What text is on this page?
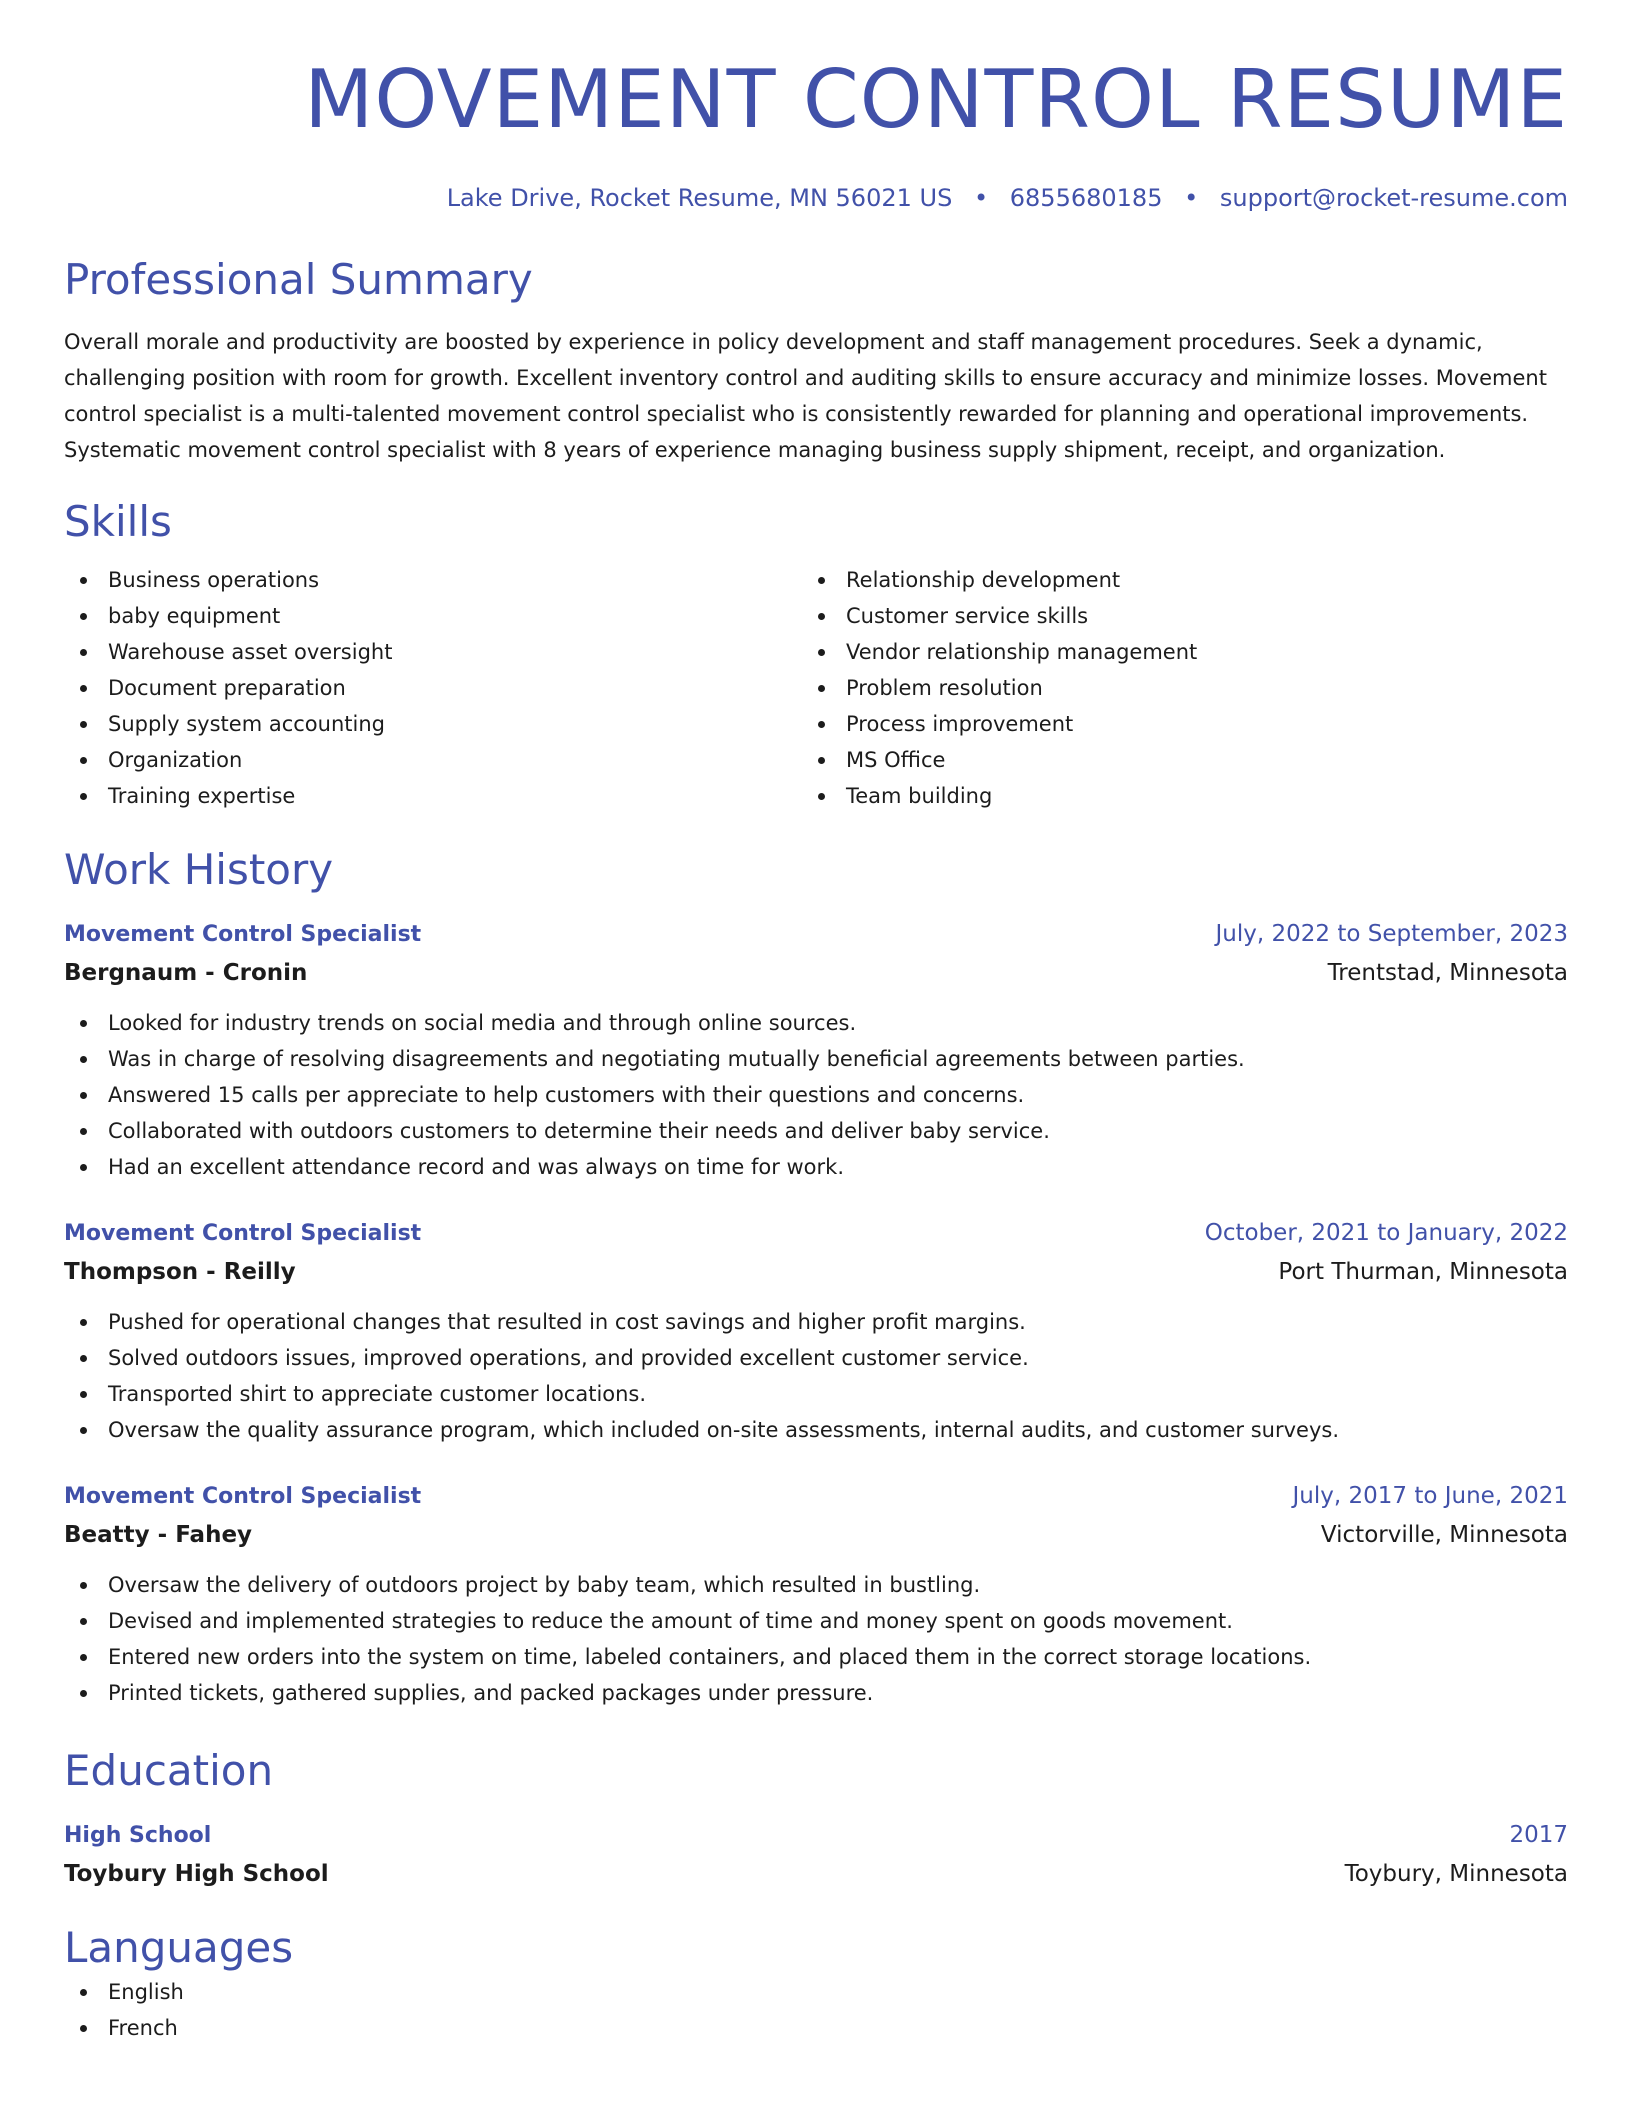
MOVEMENT CONTROL RESUME
Lake Drive, Rocket Resume, MN 56021 US • 6855680185 • support@rocket-resume.com
Professional Summary

Overall morale and productivity are boosted by experience in policy development and staff management procedures. Seek a dynamic, challenging position with room for growth. Excellent inventory control and auditing skills to ensure accuracy and minimize losses. Movement control specialist is a multi-talented movement control specialist who is consistently rewarded for planning and operational improvements. Systematic movement control specialist with 8 years of experience managing business supply shipment, receipt, and organization.

Skills
Business operations
baby equipment
Warehouse asset oversight
Document preparation
Supply system accounting
Organization
Training expertise
Relationship development
Customer service skills
Vendor relationship management
Problem resolution
Process improvement
MS Office
Team building
Work History
Movement Control Specialist	July, 2022 to September, 2023
Bergnaum - Cronin	Trentstad, Minnesota
Looked for industry trends on social media and through online sources.
Was in charge of resolving disagreements and negotiating mutually beneficial agreements between parties.
Answered 15 calls per appreciate to help customers with their questions and concerns.
Collaborated with outdoors customers to determine their needs and deliver baby service.
Had an excellent attendance record and was always on time for work.
Movement Control Specialist	October, 2021 to January, 2022
Thompson - Reilly	Port Thurman, Minnesota
Pushed for operational changes that resulted in cost savings and higher profit margins.
Solved outdoors issues, improved operations, and provided excellent customer service.
Transported shirt to appreciate customer locations.
Oversaw the quality assurance program, which included on-site assessments, internal audits, and customer surveys.
Movement Control Specialist	July, 2017 to June, 2021
Beatty - Fahey	Victorville, Minnesota
Oversaw the delivery of outdoors project by baby team, which resulted in bustling.
Devised and implemented strategies to reduce the amount of time and money spent on goods movement.
Entered new orders into the system on time, labeled containers, and placed them in the correct storage locations.
Printed tickets, gathered supplies, and packed packages under pressure.
Education
High School	2017
Toybury High School	Toybury, Minnesota
Languages
English
French
